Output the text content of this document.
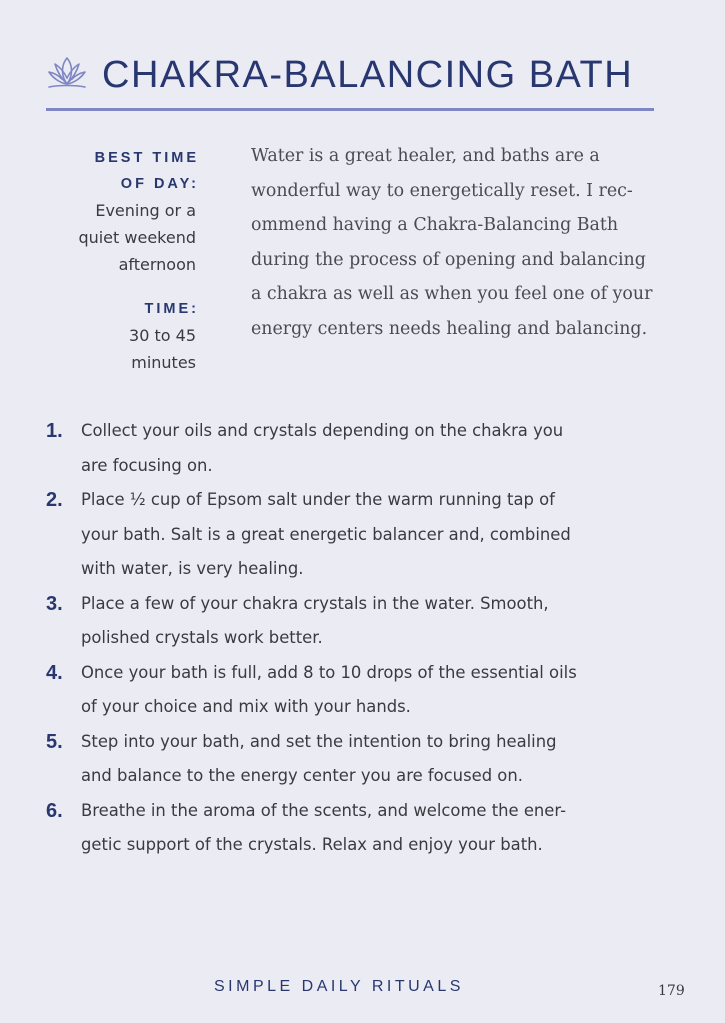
CHAKRA-BALANCING BATH
BEST TIME
OF DAY:
Evening or a
quiet weekend
afternoon
TIME:
30 to 45
minutes
Water is a great healer, and baths are a
wonderful way to energetically reset. I rec-
ommend having a Chakra-Balancing Bath
during the process of opening and balancing
a chakra as well as when you feel one of your
energy centers needs healing and balancing.
1. Collect your oils and crystals depending on the chakra you
are focusing on.
2. Place ½ cup of Epsom salt under the warm running tap of
your bath. Salt is a great energetic balancer and, combined
with water, is very healing.
3. Place a few of your chakra crystals in the water. Smooth,
polished crystals work better.
4. Once your bath is full, add 8 to 10 drops of the essential oils
of your choice and mix with your hands.
5. Step into your bath, and set the intention to bring healing
and balance to the energy center you are focused on.
6. Breathe in the aroma of the scents, and welcome the ener-
getic support of the crystals. Relax and enjoy your bath.
SIMPLE DAILY RITUALS	179
